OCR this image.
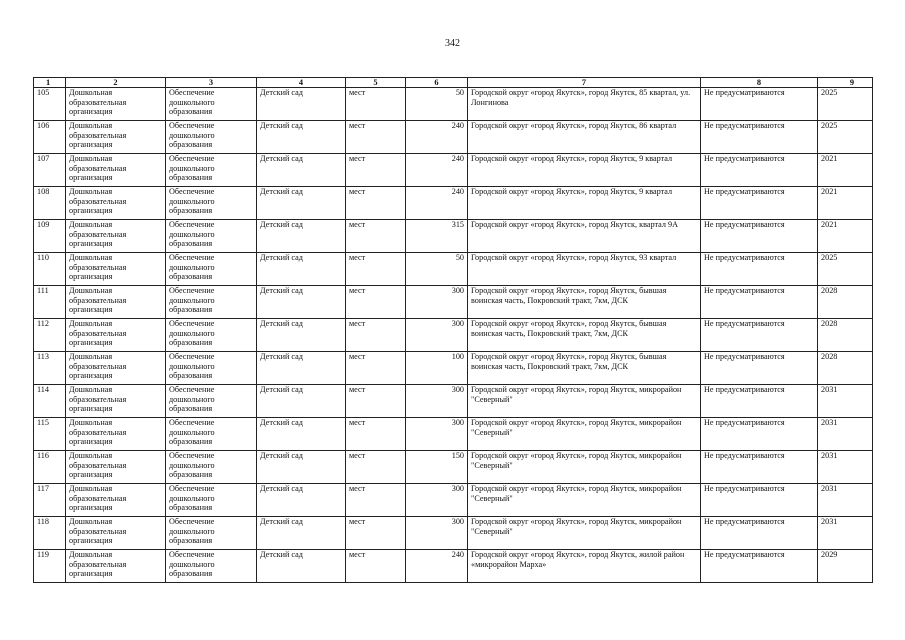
342
1	2	3	4	5	6	7	8	9
105	Дошкольная образовательная организация	Обеспечение дошкольного образования	Детский сад	мест	50	Городской округ «город Якутск», город Якутск, 85 квартал, ул. Лонгинова	Не предусматриваются	2025
106	Дошкольная образовательная организация	Обеспечение дошкольного образования	Детский сад	мест	240	Городской округ «город Якутск», город Якутск, 86 квартал	Не предусматриваются	2025
107	Дошкольная образовательная организация	Обеспечение дошкольного образования	Детский сад	мест	240	Городской округ «город Якутск», город Якутск, 9 квартал	Не предусматриваются	2021
108	Дошкольная образовательная организация	Обеспечение дошкольного образования	Детский сад	мест	240	Городской округ «город Якутск», город Якутск, 9 квартал	Не предусматриваются	2021
109	Дошкольная образовательная организация	Обеспечение дошкольного образования	Детский сад	мест	315	Городской округ «город Якутск», город Якутск, квартал 9А	Не предусматриваются	2021
110	Дошкольная образовательная организация	Обеспечение дошкольного образования	Детский сад	мест	50	Городской округ «город Якутск», город Якутск, 93 квартал	Не предусматриваются	2025
111	Дошкольная образовательная организация	Обеспечение дошкольного образования	Детский сад	мест	300	Городской округ «город Якутск», город Якутск, бывшая воинская часть, Покровский тракт, 7км, ДСК	Не предусматриваются	2028
112	Дошкольная образовательная организация	Обеспечение дошкольного образования	Детский сад	мест	300	Городской округ «город Якутск», город Якутск, бывшая воинская часть, Покровский тракт, 7км, ДСК	Не предусматриваются	2028
113	Дошкольная образовательная организация	Обеспечение дошкольного образования	Детский сад	мест	100	Городской округ «город Якутск», город Якутск, бывшая воинская часть, Покровский тракт, 7км, ДСК	Не предусматриваются	2028
114	Дошкольная образовательная организация	Обеспечение дошкольного образования	Детский сад	мест	300	Городской округ «город Якутск», город Якутск, микрорайон "Северный"	Не предусматриваются	2031
115	Дошкольная образовательная организация	Обеспечение дошкольного образования	Детский сад	мест	300	Городской округ «город Якутск», город Якутск, микрорайон "Северный"	Не предусматриваются	2031
116	Дошкольная образовательная организация	Обеспечение дошкольного образования	Детский сад	мест	150	Городской округ «город Якутск», город Якутск, микрорайон "Северный"	Не предусматриваются	2031
117	Дошкольная образовательная организация	Обеспечение дошкольного образования	Детский сад	мест	300	Городской округ «город Якутск», город Якутск, микрорайон "Северный"	Не предусматриваются	2031
118	Дошкольная образовательная организация	Обеспечение дошкольного образования	Детский сад	мест	300	Городской округ «город Якутск», город Якутск, микрорайон "Северный"	Не предусматриваются	2031
119	Дошкольная образовательная организация	Обеспечение дошкольного образования	Детский сад	мест	240	Городской округ «город Якутск», город Якутск, жилой район «микрорайон Марха»	Не предусматриваются	2029
